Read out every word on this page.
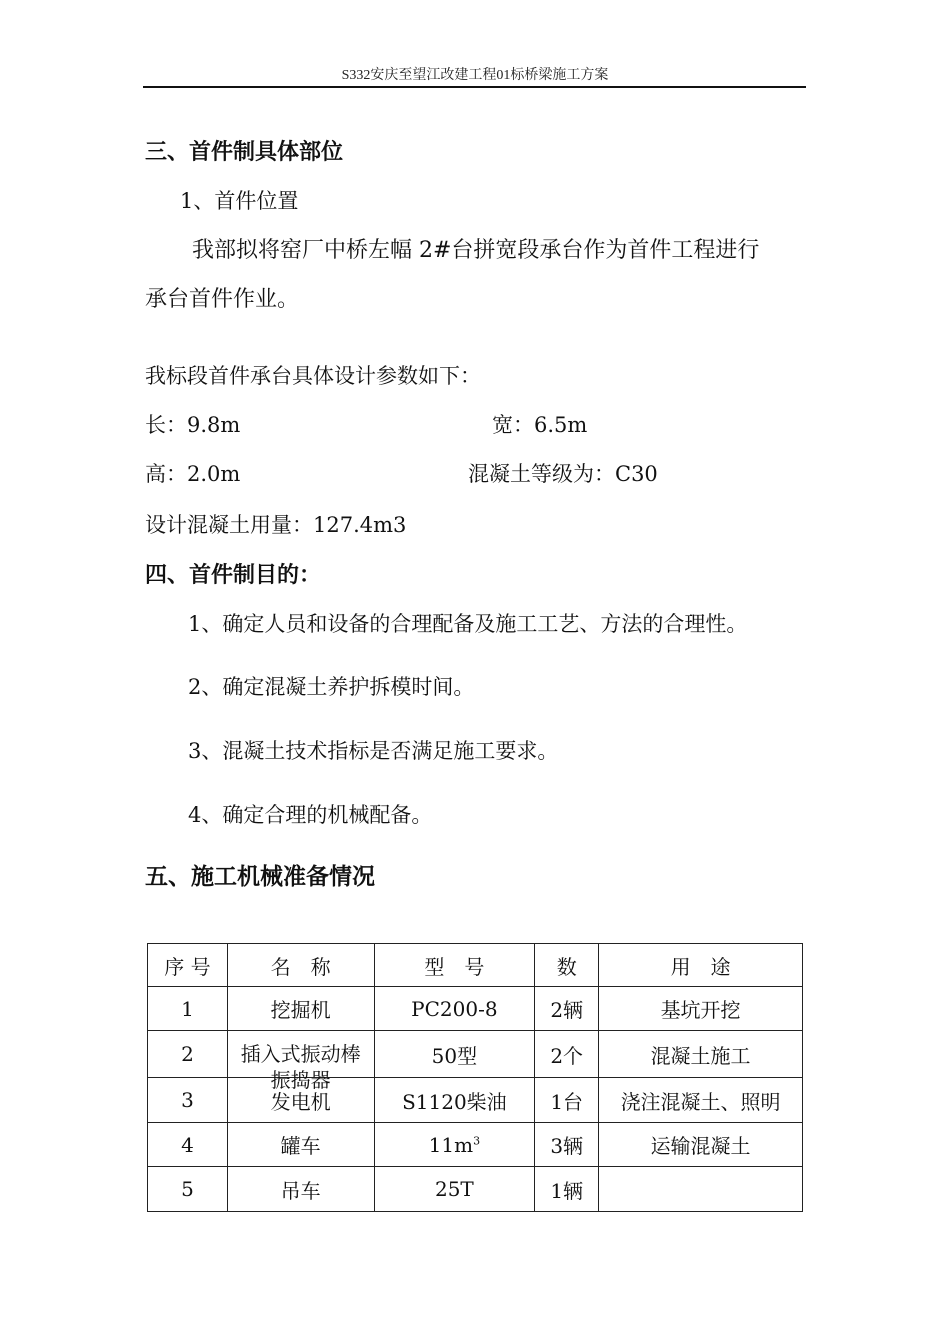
S332安庆至望江改建工程01标桥梁施工方案
三、首件制具体部位
1、首件位置
我部拟将窑厂中桥左幅 2#台拼宽段承台作为首件工程进行
承台首件作业。
我标段首件承台具体设计参数如下：
长：9.8m	宽：6.5m
高：2.0m	混凝土等级为：C30
设计混凝土用量：127.4m3
四、首件制目的：
1、确定人员和设备的合理配备及施工工艺、方法的合理性。
2、确定混凝土养护拆模时间。
3、混凝土技术指标是否满足施工要求。
4、确定合理的机械配备。
五、施工机械准备情况
序 号	名　称	型　号	数	用　途
1	挖掘机	PC200-8	2辆	基坑开挖
2	插入式振动棒振捣器	50型	2个	混凝土施工
3	发电机	S1120柴油	1台	浇注混凝土、照明
4	罐车	$11m^3$	3辆	运输混凝土
5	吊车	25T	1辆	
